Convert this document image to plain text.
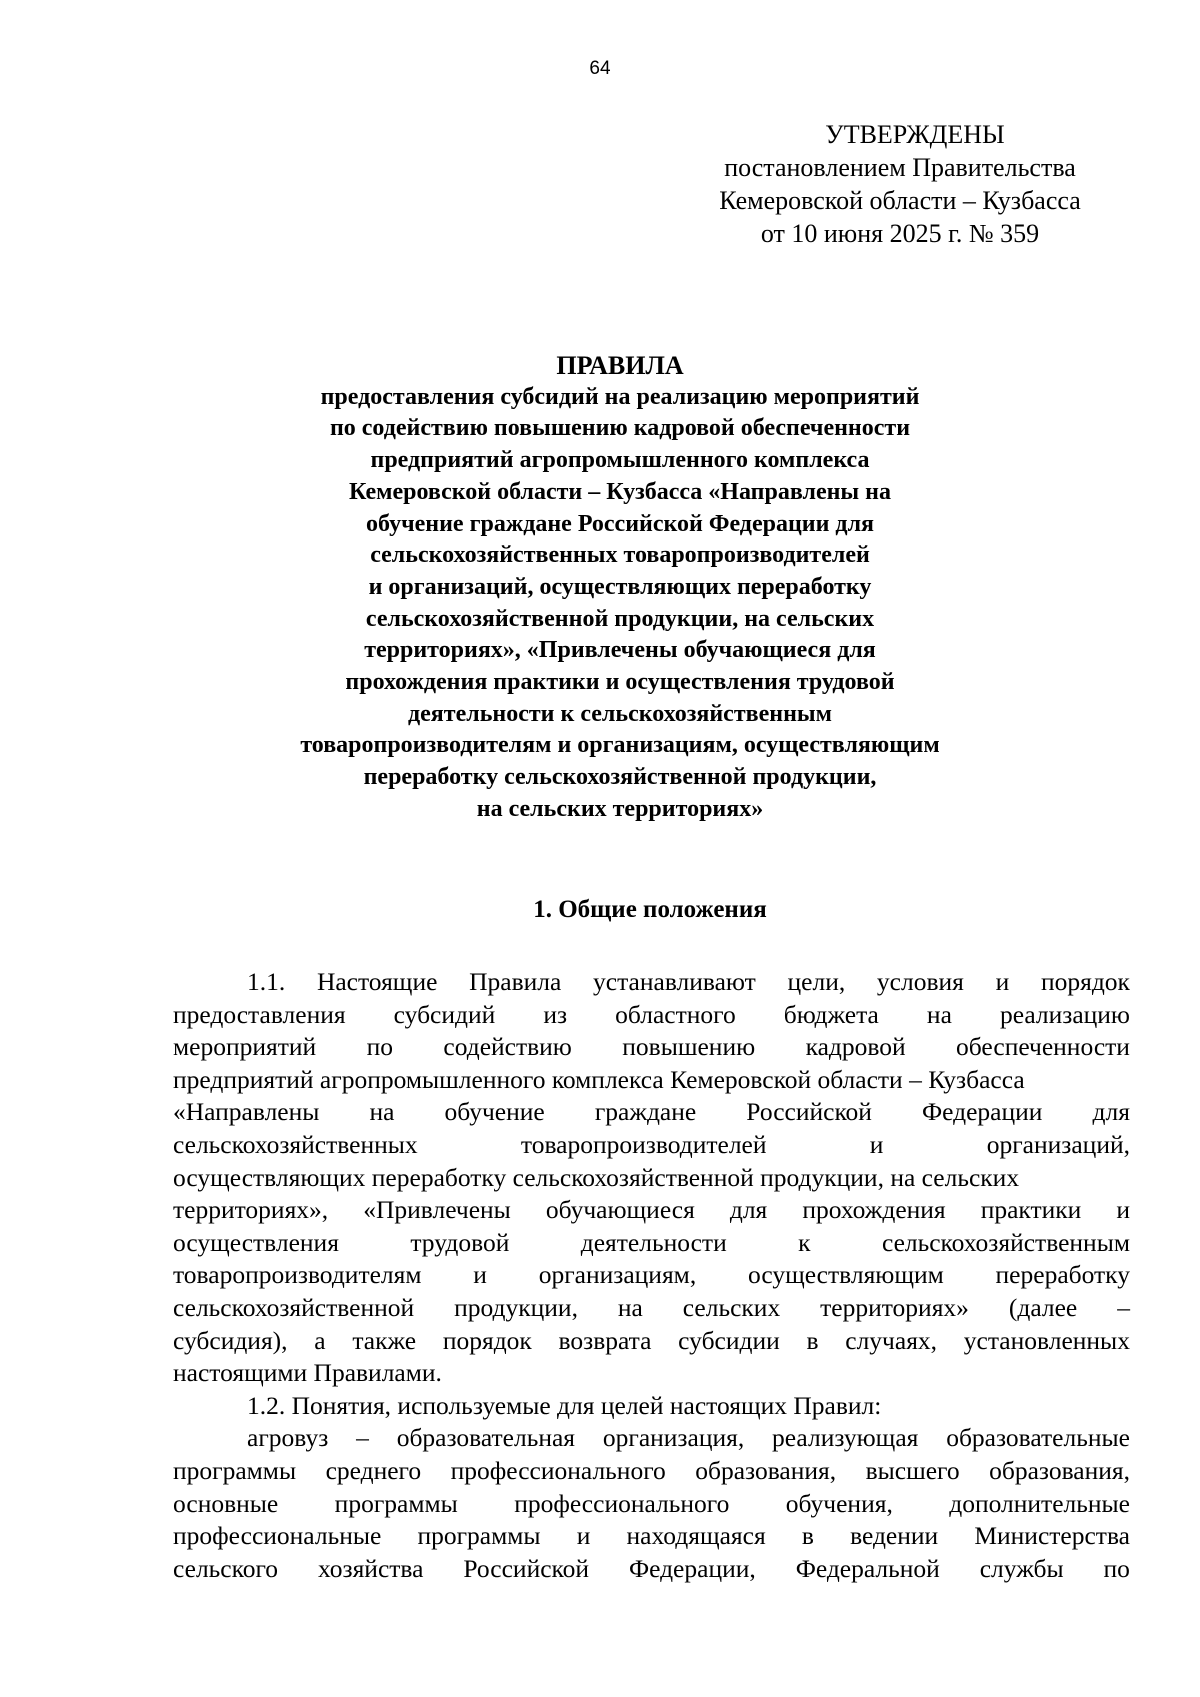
64
УТВЕРЖДЕНЫ
постановлением Правительства
Кемеровской области – Кузбасса
от 10 июня 2025 г. № 359
ПРАВИЛА
предоставления субсидий на реализацию мероприятий
по содействию повышению кадровой обеспеченности
предприятий агропромышленного комплекса
Кемеровской области – Кузбасса «Направлены на
обучение граждане Российской Федерации для
сельскохозяйственных товаропроизводителей
и организаций, осуществляющих переработку
сельскохозяйственной продукции, на сельских
территориях», «Привлечены обучающиеся для
прохождения практики и осуществления трудовой
деятельности к сельскохозяйственным
товаропроизводителям и организациям, осуществляющим
переработку сельскохозяйственной продукции,
на сельских территориях»
1. Общие положения
1.1. Настоящие Правила устанавливают цели, условия и порядок
предоставления субсидий из областного бюджета на реализацию
мероприятий по содействию повышению кадровой обеспеченности
предприятий агропромышленного комплекса Кемеровской области – Кузбасса
«Направлены на обучение граждане Российской Федерации для
сельскохозяйственных	товаропроизводителей	и	организаций,
осуществляющих переработку сельскохозяйственной продукции, на сельских
территориях», «Привлечены обучающиеся для прохождения практики и
осуществления	трудовой	деятельности	к	сельскохозяйственным
товаропроизводителям и организациям, осуществляющим переработку
сельскохозяйственной продукции, на сельских территориях» (далее –
субсидия), а также порядок возврата субсидии в случаях, установленных
настоящими Правилами.
1.2. Понятия, используемые для целей настоящих Правил:
агровуз – образовательная организация, реализующая образовательные
программы среднего профессионального образования, высшего образования,
основные программы профессионального обучения, дополнительные
профессиональные программы и находящаяся в ведении Министерства
сельского хозяйства Российской Федерации, Федеральной службы по
